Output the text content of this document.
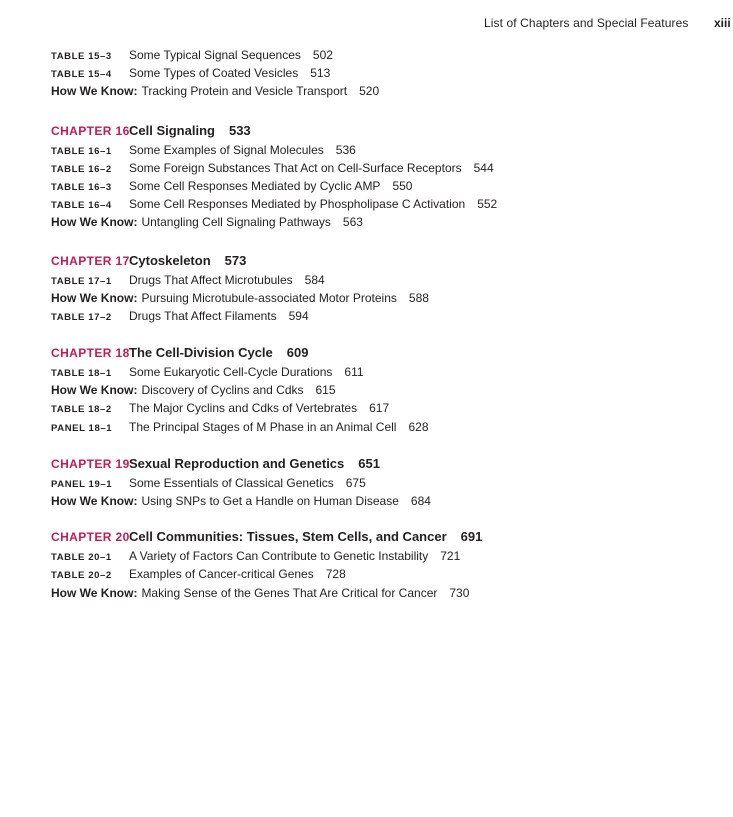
List of Chapters and Special Features xiii
TABLE 15–3	Some Typical Signal Sequences 502
TABLE 15–4	Some Types of Coated Vesicles 513
How We Know: Tracking Protein and Vesicle Transport 520
CHAPTER 16 Cell Signaling 533
TABLE 16–1	Some Examples of Signal Molecules 536
TABLE 16–2	Some Foreign Substances That Act on Cell-Surface Receptors 544
TABLE 16–3	Some Cell Responses Mediated by Cyclic AMP 550
TABLE 16–4	Some Cell Responses Mediated by Phospholipase C Activation 552
How We Know: Untangling Cell Signaling Pathways 563
CHAPTER 17 Cytoskeleton 573
TABLE 17–1	Drugs That Affect Microtubules 584
How We Know: Pursuing Microtubule-associated Motor Proteins 588
TABLE 17–2	Drugs That Affect Filaments 594
CHAPTER 18 The Cell-Division Cycle 609
TABLE 18–1	Some Eukaryotic Cell-Cycle Durations 611
How We Know: Discovery of Cyclins and Cdks 615
TABLE 18–2	The Major Cyclins and Cdks of Vertebrates 617
PANEL 18–1	The Principal Stages of M Phase in an Animal Cell 628
CHAPTER 19 Sexual Reproduction and Genetics 651
PANEL 19–1	Some Essentials of Classical Genetics 675
How We Know: Using SNPs to Get a Handle on Human Disease 684
CHAPTER 20 Cell Communities: Tissues, Stem Cells, and Cancer 691
TABLE 20–1	A Variety of Factors Can Contribute to Genetic Instability 721
TABLE 20–2	Examples of Cancer-critical Genes 728
How We Know: Making Sense of the Genes That Are Critical for Cancer 730
